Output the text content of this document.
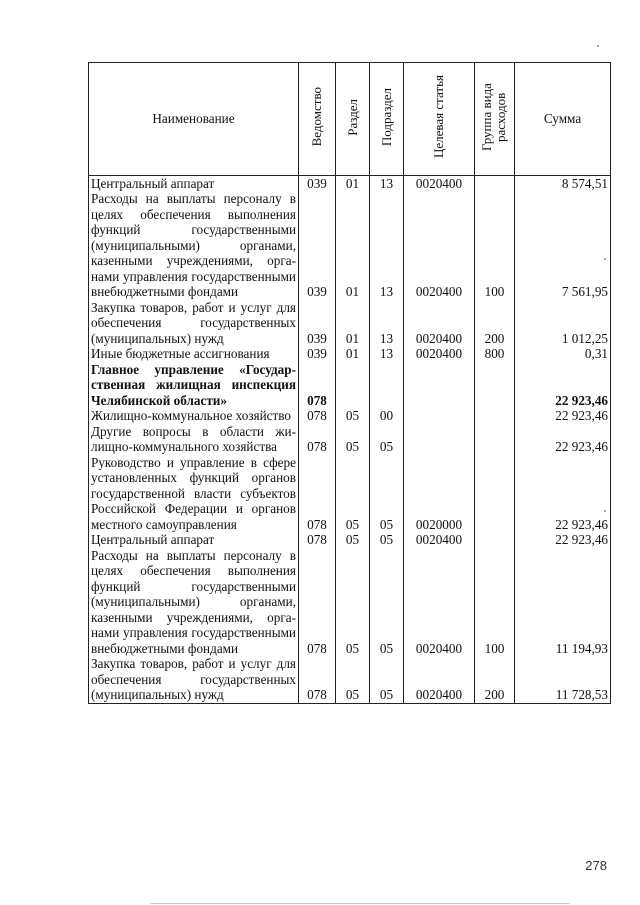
Наименование	Ведомство	Раздел	Подраздел	Целевая статья	Группа вида расходов	Сумма
Центральный аппарат	039	01	13	0020400		8 574,51
Расходы на выплаты персоналу в целях обеспечения выполнения функций государственными (муниципальными) органами, казенными учреждениями, органами управления государственными внебюджетными фондами	039	01	13	0020400	100	7 561,95
Закупка товаров, работ и услуг для обеспечения государственных (муниципальных) нужд	039	01	13	0020400	200	1 012,25
Иные бюджетные ассигнования	039	01	13	0020400	800	0,31
Главное управление «Государственная жилищная инспекция Челябинской области»	078					22 923,46
Жилищно-коммунальное хозяйство	078	05	00			22 923,46
Другие вопросы в области жилищно-коммунального хозяйства	078	05	05			22 923,46
Руководство и управление в сфере установленных функций органов государственной власти субъектов Российской Федерации и органов местного самоуправления	078	05	05	0020000		22 923,46
Центральный аппарат	078	05	05	0020400		22 923,46
Расходы на выплаты персоналу в целях обеспечения выполнения функций государственными (муниципальными) органами, казенными учреждениями, органами управления государственными внебюджетными фондами	078	05	05	0020400	100	11 194,93
Закупка товаров, работ и услуг для обеспечения государственных (муниципальных) нужд	078	05	05	0020400	200	11 728,53
278
